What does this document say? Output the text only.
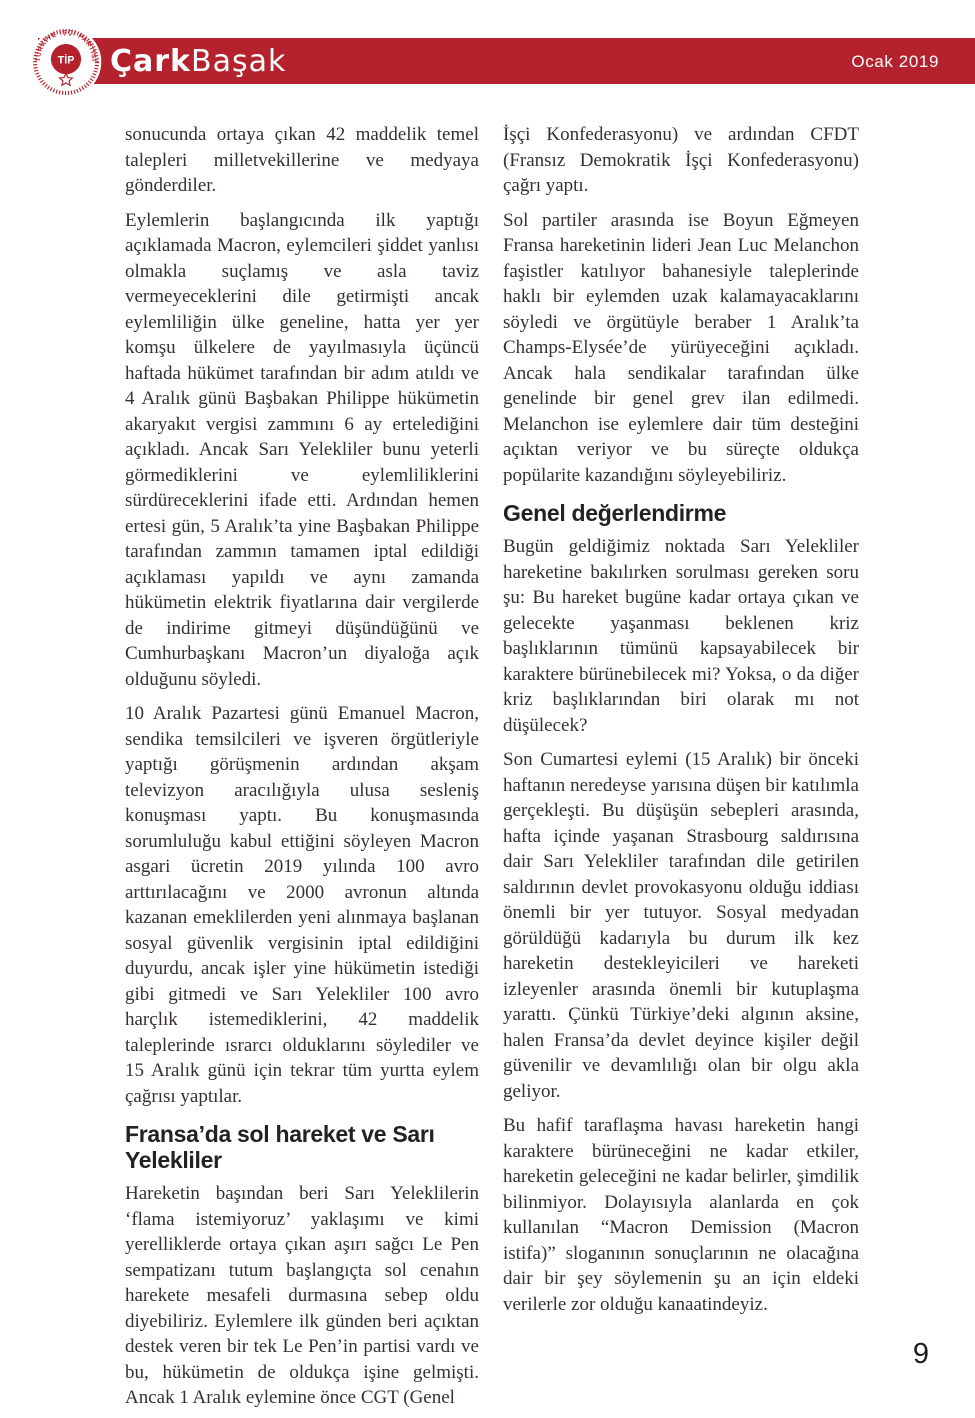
TÜRKİYE İŞÇİ PARTİSİ
TİP ÇarkBaşak	Ocak 2019

sonucunda ortaya çıkan 42 maddelik temel talepleri milletvekillerine ve medyaya gönderdiler.

Eylemlerin başlangıcında ilk yaptığı açıklamada Macron, eylemcileri şiddet yanlısı olmakla suçlamış ve asla taviz vermeyeceklerini dile getirmişti ancak eylemliliğin ülke geneline, hatta yer yer komşu ülkelere de yayılmasıyla üçüncü haftada hükümet tarafından bir adım atıldı ve 4 Aralık günü Başbakan Philippe hükümetin akaryakıt vergisi zammını 6 ay ertelediğini açıkladı. Ancak Sarı Yelekliler bunu yeterli görmediklerini ve eylemliliklerini sürdüreceklerini ifade etti. Ardından hemen ertesi gün, 5 Aralık’ta yine Başbakan Philippe tarafından zammın tamamen iptal edildiği açıklaması yapıldı ve aynı zamanda hükümetin elektrik fiyatlarına dair vergilerde de indirime gitmeyi düşündüğünü ve Cumhurbaşkanı Macron’un diyaloğa açık olduğunu söyledi.

10 Aralık Pazartesi günü Emanuel Macron, sendika temsilcileri ve işveren örgütleriyle yaptığı görüşmenin ardından akşam televizyon aracılığıyla ulusa sesleniş konuşması yaptı. Bu konuşmasında sorumluluğu kabul ettiğini söyleyen Macron asgari ücretin 2019 yılında 100 avro arttırılacağını ve 2000 avronun altında kazanan emeklilerden yeni alınmaya başlanan sosyal güvenlik vergisinin iptal edildiğini duyurdu, ancak işler yine hükümetin istediği gibi gitmedi ve Sarı Yelekliler 100 avro harçlık istemediklerini, 42 maddelik taleplerinde ısrarcı olduklarını söylediler ve 15 Aralık günü için tekrar tüm yurtta eylem çağrısı yaptılar.

Fransa’da sol hareket ve Sarı Yelekliler

Hareketin başından beri Sarı Yeleklilerin ‘flama istemiyoruz’ yaklaşımı ve kimi yerelliklerde ortaya çıkan aşırı sağcı Le Pen sempatizanı tutum başlangıçta sol cenahın harekete mesafeli durmasına sebep oldu diyebiliriz. Eylemlere ilk günden beri açıktan destek veren bir tek Le Pen’in partisi vardı ve bu, hükümetin de oldukça işine gelmişti. Ancak 1 Aralık eylemine önce CGT (Genel

İşçi Konfederasyonu) ve ardından CFDT (Fransız Demokratik İşçi Konfederasyonu) çağrı yaptı.

Sol partiler arasında ise Boyun Eğmeyen Fransa hareketinin lideri Jean Luc Melanchon faşistler katılıyor bahanesiyle taleplerinde haklı bir eylemden uzak kalamayacaklarını söyledi ve örgütüyle beraber 1 Aralık’ta Champs-Elysée’de yürüyeceğini açıkladı. Ancak hala sendikalar tarafından ülke genelinde bir genel grev ilan edilmedi. Melanchon ise eylemlere dair tüm desteğini açıktan veriyor ve bu süreçte oldukça popülarite kazandığını söyleyebiliriz.

Genel değerlendirme

Bugün geldiğimiz noktada Sarı Yelekliler hareketine bakılırken sorulması gereken soru şu: Bu hareket bugüne kadar ortaya çıkan ve gelecekte yaşanması beklenen kriz başlıklarının tümünü kapsayabilecek bir karaktere bürünebilecek mi? Yoksa, o da diğer kriz başlıklarından biri olarak mı not düşülecek?

Son Cumartesi eylemi (15 Aralık) bir önceki haftanın neredeyse yarısına düşen bir katılımla gerçekleşti. Bu düşüşün sebepleri arasında, hafta içinde yaşanan Strasbourg saldırısına dair Sarı Yelekliler tarafından dile getirilen saldırının devlet provokasyonu olduğu iddiası önemli bir yer tutuyor. Sosyal medyadan görüldüğü kadarıyla bu durum ilk kez hareketin destekleyicileri ve hareketi izleyenler arasında önemli bir kutuplaşma yarattı. Çünkü Türkiye’deki algının aksine, halen Fransa’da devlet deyince kişiler değil güvenilir ve devamlılığı olan bir olgu akla geliyor.

Bu hafif taraflaşma havası hareketin hangi karaktere bürüneceğini ne kadar etkiler, hareketin geleceğini ne kadar belirler, şimdilik bilinmiyor. Dolayısıyla alanlarda en çok kullanılan “Macron Demission (Macron istifa)” sloganının sonuçlarının ne olacağına dair bir şey söylemenin şu an için eldeki verilerle zor olduğu kanaatindeyiz.

9
